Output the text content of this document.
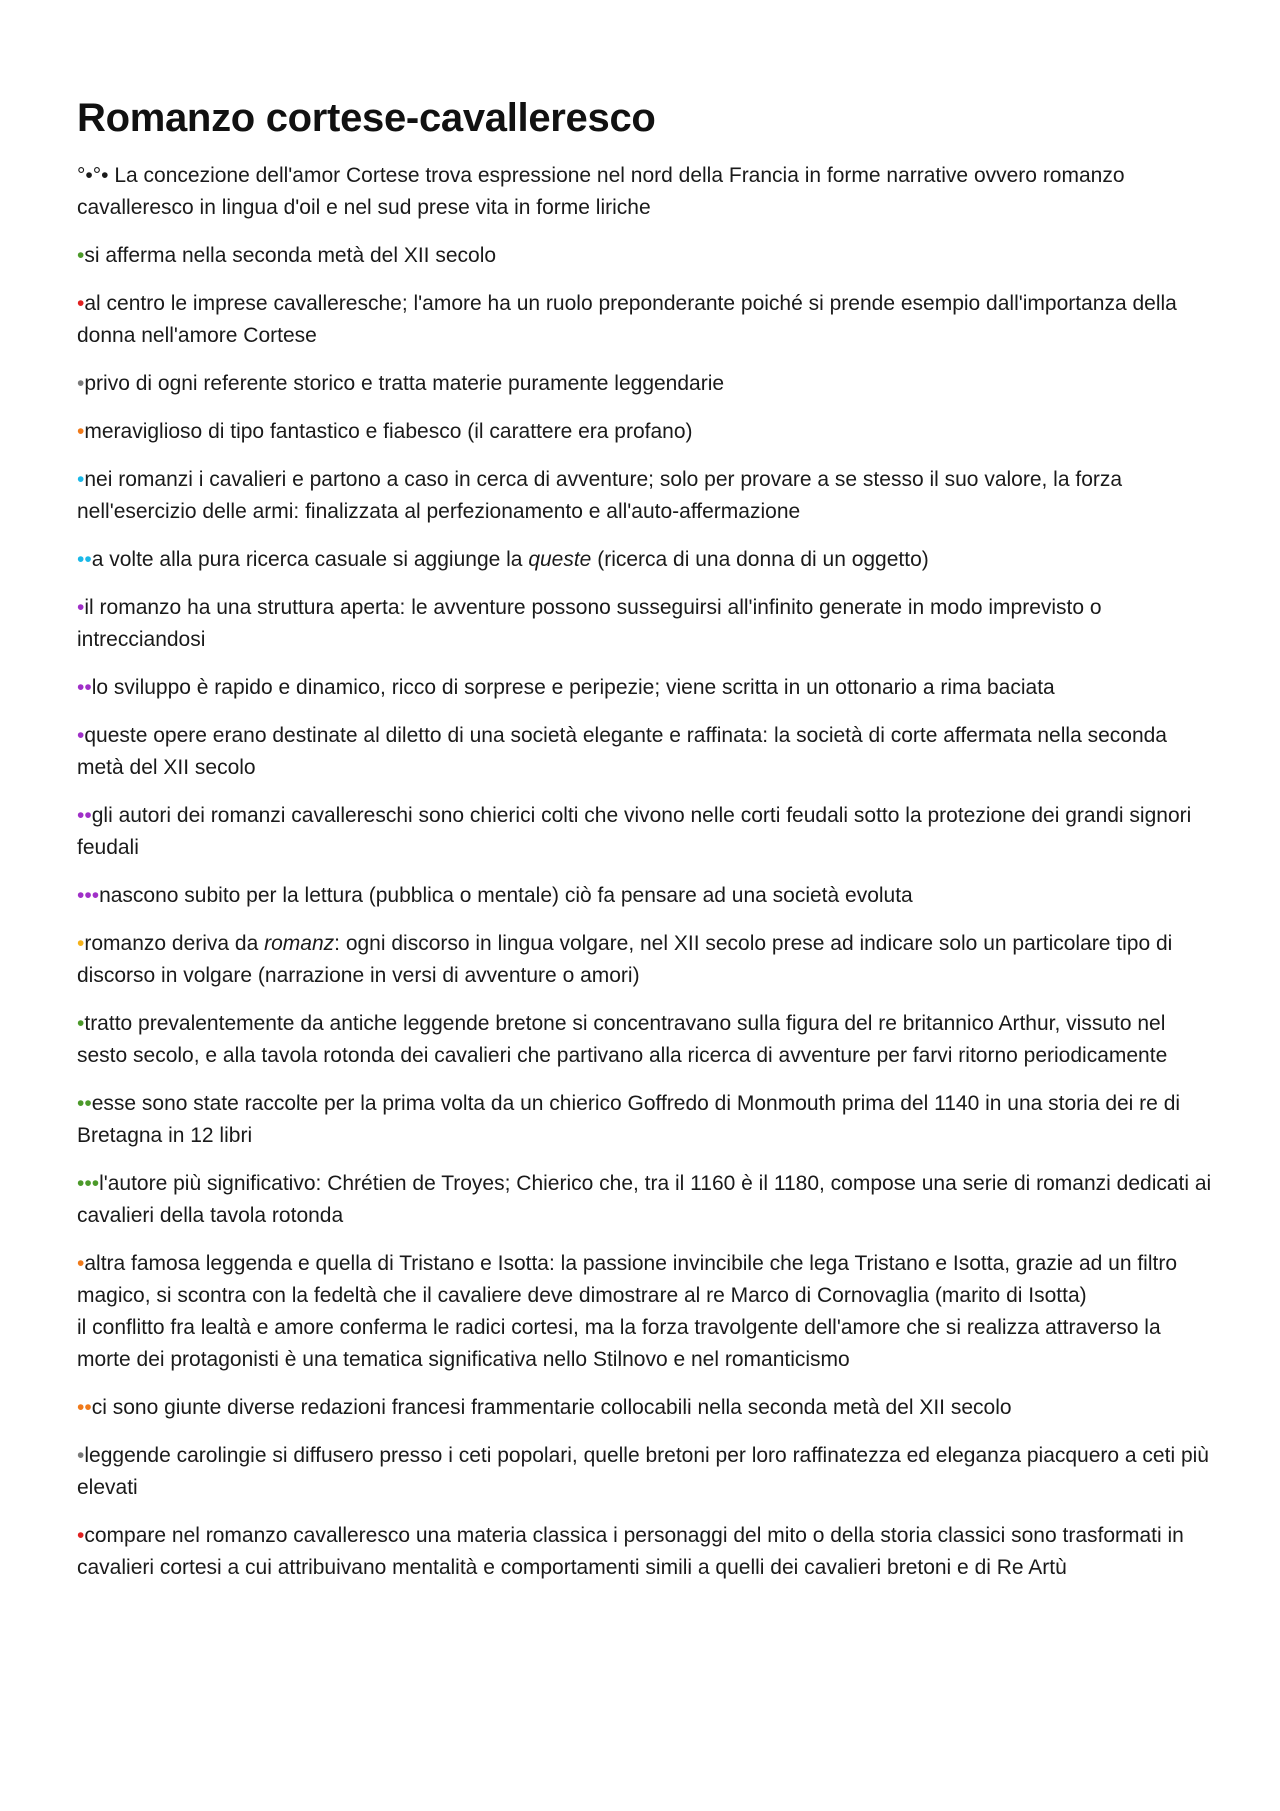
Romanzo cortese-cavalleresco

°•°• La concezione dell'amor Cortese trova espressione nel nord della Francia in forme narrative ovvero romanzo cavalleresco in lingua d'oil e nel sud prese vita in forme liriche

•si afferma nella seconda metà del XII secolo

•al centro le imprese cavalleresche; l'amore ha un ruolo preponderante poiché si prende esempio dall'importanza della donna nell'amore Cortese

•privo di ogni referente storico e tratta materie puramente leggendarie

•meraviglioso di tipo fantastico e fiabesco (il carattere era profano)

•nei romanzi i cavalieri e partono a caso in cerca di avventure; solo per provare a se stesso il suo valore, la forza nell'esercizio delle armi: finalizzata al perfezionamento e all'auto-affermazione

••a volte alla pura ricerca casuale si aggiunge la queste (ricerca di una donna di un oggetto)

•il romanzo ha una struttura aperta: le avventure possono susseguirsi all'infinito generate in modo imprevisto o intrecciandosi

••lo sviluppo è rapido e dinamico, ricco di sorprese e peripezie; viene scritta in un ottonario a rima baciata

•queste opere erano destinate al diletto di una società elegante e raffinata: la società di corte affermata nella seconda metà del XII secolo

••gli autori dei romanzi cavallereschi sono chierici colti che vivono nelle corti feudali sotto la protezione dei grandi signori feudali

•••nascono subito per la lettura (pubblica o mentale) ciò fa pensare ad una società evoluta

•romanzo deriva da romanz: ogni discorso in lingua volgare, nel XII secolo prese ad indicare solo un particolare tipo di discorso in volgare (narrazione in versi di avventure o amori)

•tratto prevalentemente da antiche leggende bretone si concentravano sulla figura del re britannico Arthur, vissuto nel sesto secolo, e alla tavola rotonda dei cavalieri che partivano alla ricerca di avventure per farvi ritorno periodicamente

••esse sono state raccolte per la prima volta da un chierico Goffredo di Monmouth prima del 1140 in una storia dei re di Bretagna in 12 libri

•••l'autore più significativo: Chrétien de Troyes; Chierico che, tra il 1160 è il 1180, compose una serie di romanzi dedicati ai cavalieri della tavola rotonda

•altra famosa leggenda e quella di Tristano e Isotta: la passione invincibile che lega Tristano e Isotta, grazie ad un filtro magico, si scontra con la fedeltà che il cavaliere deve dimostrare al re Marco di Cornovaglia (marito di Isotta)
il conflitto fra lealtà e amore conferma le radici cortesi, ma la forza travolgente dell'amore che si realizza attraverso la morte dei protagonisti è una tematica significativa nello Stilnovo e nel romanticismo

••ci sono giunte diverse redazioni francesi frammentarie collocabili nella seconda metà del XII secolo

•leggende carolingie si diffusero presso i ceti popolari, quelle bretoni per loro raffinatezza ed eleganza piacquero a ceti più elevati

•compare nel romanzo cavalleresco una materia classica i personaggi del mito o della storia classici sono trasformati in cavalieri cortesi a cui attribuivano mentalità e comportamenti simili a quelli dei cavalieri bretoni e di Re Artù
